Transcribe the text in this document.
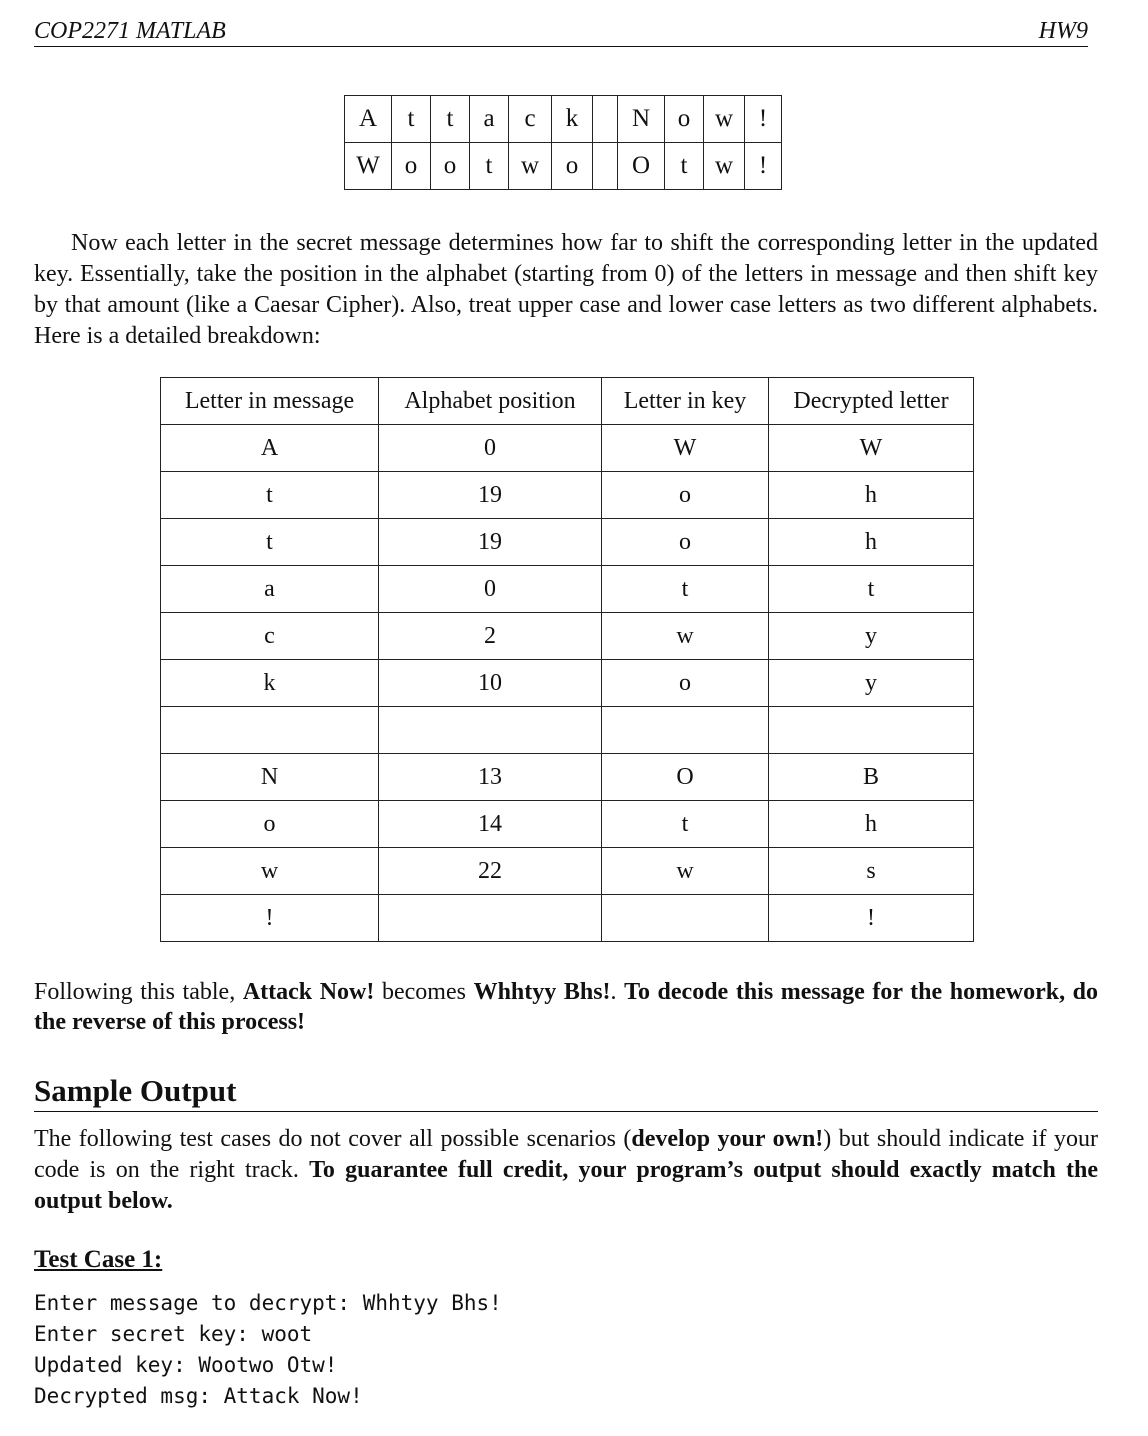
COP2271 MATLAB	HW9
A	t	t	a	c	k		N	o	w	!
W	o	o	t	w	o		O	t	w	!

Now each letter in the secret message determines how far to shift the corresponding letter in the updated key. Essentially, take the position in the alphabet (starting from 0) of the letters in message and then shift key by that amount (like a Caesar Cipher). Also, treat upper case and lower case letters as two different alphabets. Here is a detailed breakdown:

Letter in message	Alphabet position	Letter in key	Decrypted letter
A	0	W	W
t	19	o	h
t	19	o	h
a	0	t	t
c	2	w	y
k	10	o	y

N	13	O	B
o	14	t	h
w	22	w	s
!			!

Following this table, Attack Now! becomes Whhtyy Bhs!. To decode this message for the homework, do the reverse of this process!

Sample Output

The following test cases do not cover all possible scenarios (develop your own!) but should indicate if your code is on the right track. To guarantee full credit, your program’s output should exactly match the output below.

Test Case 1:
Enter message to decrypt: Whhtyy Bhs!
Enter secret key: woot
Updated key: Wootwo Otw!
Decrypted msg: Attack Now!
